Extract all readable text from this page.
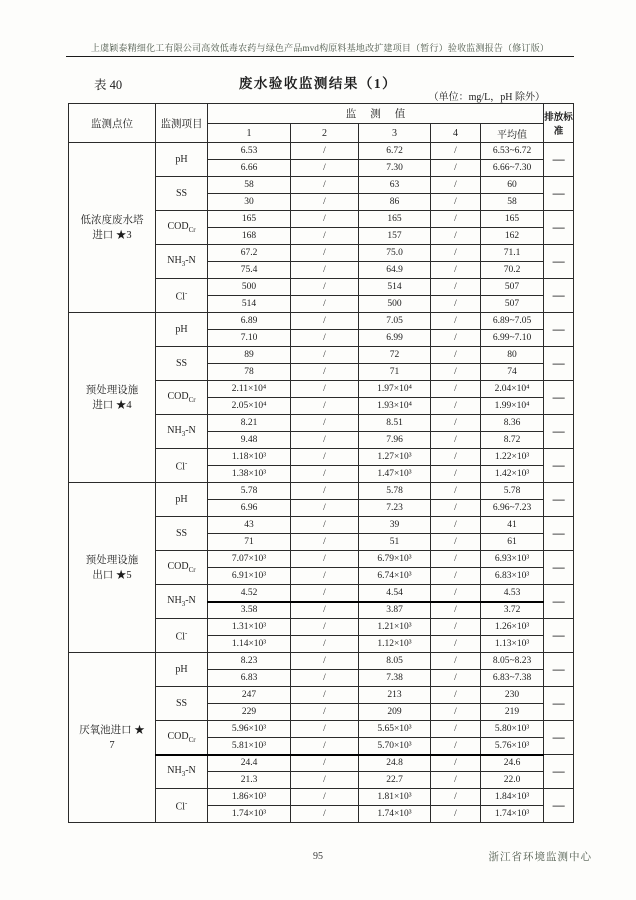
上虞颖泰精细化工有限公司高效低毒农药与绿色产品mvd构原料基地改扩建项目（暂行）验收监测报告（修订版）
表 40	废水验收监测结果（1）
（单位：mg/L，pH 除外）
监测点位	监测项目	监测值					排放标准
		1	2	3	4	平均值	

低浓度废水塔
进口 ★3	pH	6.53	/	6.72	/	6.53~6.72	—
		6.66	/	7.30	/	6.66~7.30	
	SS	58	/	63	/	60	—
		30	/	86	/	58	
	$COD_{Cr}$	165	/	165	/	165	—
		168	/	157	/	162	
	$NH_3-N$	67.2	/	75.0	/	71.1	—
		75.4	/	64.9	/	70.2	
	Cl-	500	/	514	/	507	—
		514	/	500	/	507	

预处理设施
进口 ★4	pH	6.89	/	7.05	/	6.89~7.05	—
		7.10	/	6.99	/	6.99~7.10	
	SS	89	/	72	/	80	—
		78	/	71	/	74	
	$COD_{Cr}$	2.11×10⁴	/	1.97×10⁴	/	2.04×10⁴	—
		2.05×10⁴	/	1.93×10⁴	/	1.99×10⁴	
	$NH_3-N$	8.21	/	8.51	/	8.36	—
		9.48	/	7.96	/	8.72	
	Cl-	1.18×10³	/	1.27×10³	/	1.22×10³	—
		1.38×10³	/	1.47×10³	/	1.42×10³	

预处理设施
出口 ★5	pH	5.78	/	5.78	/	5.78	—
		6.96	/	7.23	/	6.96~7.23	
	SS	43	/	39	/	41	—
		71	/	51	/	61	
	$COD_{Cr}$	7.07×10³	/	6.79×10³	/	6.93×10³	—
		6.91×10³	/	6.74×10³	/	6.83×10³	
	$NH_3-N$	4.52	/	4.54	/	4.53	—
		3.58	/	3.87	/	3.72	
	Cl-	1.31×10³	/	1.21×10³	/	1.26×10³	—
		1.14×10³	/	1.12×10³	/	1.13×10³	

厌氧池进口 ★
7	pH	8.23	/	8.05	/	8.05~8.23	—
		6.83	/	7.38	/	6.83~7.38	
	SS	247	/	213	/	230	—
		229	/	209	/	219	
	$COD_{Cr}$	5.96×10³	/	5.65×10³	/	5.80×10³	—
		5.81×10³	/	5.70×10³	/	5.76×10³	
	$NH_3-N$	24.4	/	24.8	/	24.6	—
		21.3	/	22.7	/	22.0	
	Cl-	1.86×10³	/	1.81×10³	/	1.84×10³	—
		1.74×10³	/	1.74×10³	/	1.74×10³	
95	浙江省环境监测中心
